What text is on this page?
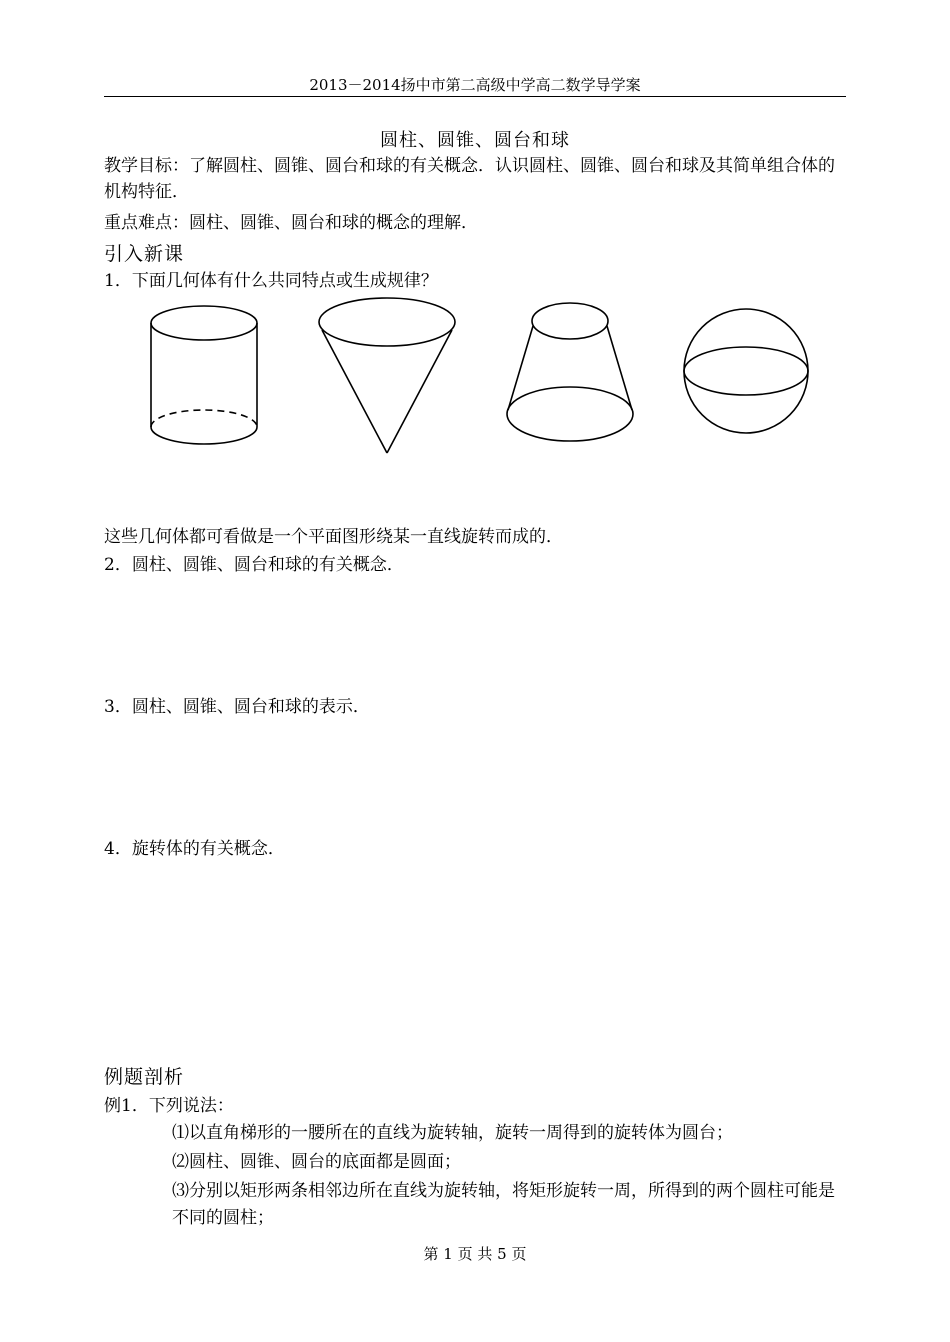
2013－2014扬中市第二高级中学高二数学导学案
圆柱、圆锥、圆台和球
教学目标：了解圆柱、圆锥、圆台和球的有关概念．认识圆柱、圆锥、圆台和球及其简单组合体的机构特征．
重点难点：圆柱、圆锥、圆台和球的概念的理解．
引入新课
1．下面几何体有什么共同特点或生成规律？
这些几何体都可看做是一个平面图形绕某一直线旋转而成的．
2．圆柱、圆锥、圆台和球的有关概念．
3．圆柱、圆锥、圆台和球的表示．
4．旋转体的有关概念．
例题剖析
例1．下列说法：
⑴以直角梯形的一腰所在的直线为旋转轴，旋转一周得到的旋转体为圆台；
⑵圆柱、圆锥、圆台的底面都是圆面；
⑶分别以矩形两条相邻边所在直线为旋转轴，将矩形旋转一周，所得到的两个圆柱可能是不同的圆柱；
第 1 页 共 5 页
